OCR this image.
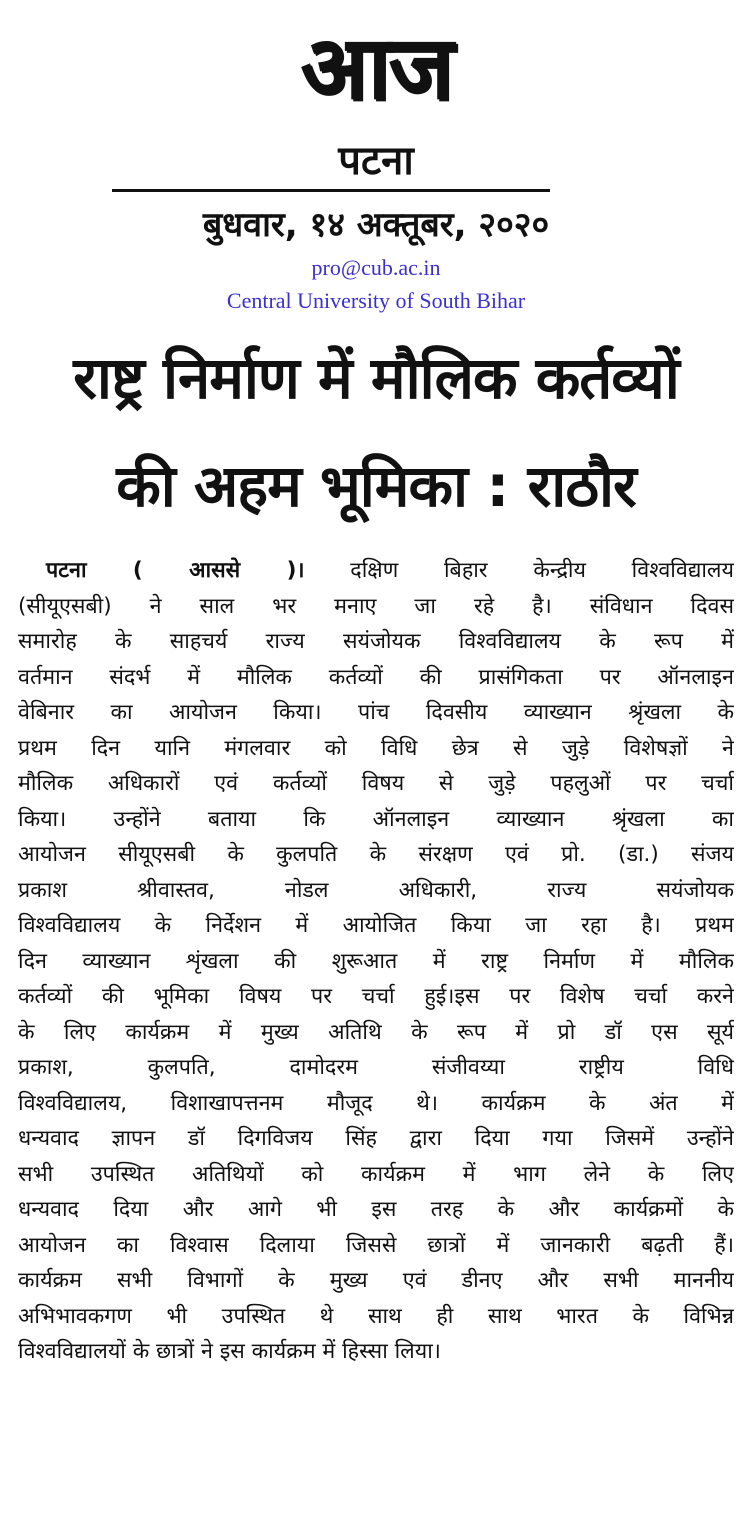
आज
पटना
बुधवार, १४ अक्तूबर, २०२०
pro@cub.ac.in
Central University of South Bihar
राष्ट्र निर्माण में मौलिक कर्तव्यों
की अहम भूमिका : राठौर
पटना ( आससे )। दक्षिण बिहार केन्द्रीय विश्वविद्यालय
(सीयूएसबी) ने साल भर मनाए जा रहे है। संविधान दिवस
समारोह के साहचर्य राज्य सयंजोयक विश्वविद्यालय के रूप में
वर्तमान संदर्भ में मौलिक कर्तव्यों की प्रासंगिकता पर ऑनलाइन
वेबिनार का आयोजन किया। पांच दिवसीय व्याख्यान श्रृंखला के
प्रथम दिन यानि मंगलवार को विधि छेत्र से जुड़े विशेषज्ञों ने
मौलिक अधिकारों एवं कर्तव्यों विषय से जुड़े पहलुओं पर चर्चा
किया। उन्होंने बताया कि ऑनलाइन व्याख्यान श्रृंखला का
आयोजन सीयूएसबी के कुलपति के संरक्षण एवं प्रो. (डा.) संजय
प्रकाश श्रीवास्तव, नोडल अधिकारी, राज्य सयंजोयक
विश्वविद्यालय के निर्देशन में आयोजित किया जा रहा है। प्रथम
दिन व्याख्यान शृंखला की शुरूआत में राष्ट्र निर्माण में मौलिक
कर्तव्यों की भूमिका विषय पर चर्चा हुई।इस पर विशेष चर्चा करने
के लिए कार्यक्रम में मुख्य अतिथि के रूप में प्रो डॉ एस सूर्य
प्रकाश, कुलपति, दामोदरम संजीवय्या राष्ट्रीय विधि
विश्वविद्यालय, विशाखापत्तनम मौजूद थे। कार्यक्रम के अंत में
धन्यवाद ज्ञापन डॉ दिगविजय सिंह द्वारा दिया गया जिसमें उन्होंने
सभी उपस्थित अतिथियों को कार्यक्रम में भाग लेने के लिए
धन्यवाद दिया और आगे भी इस तरह के और कार्यक्रमों के
आयोजन का विश्वास दिलाया जिससे छात्रों में जानकारी बढ़ती हैं।
कार्यक्रम सभी विभागों के मुख्य एवं डीनए और सभी माननीय
अभिभावकगण भी उपस्थित थे साथ ही साथ भारत के विभिन्न
विश्वविद्यालयों के छात्रों ने इस कार्यक्रम में हिस्सा लिया।
